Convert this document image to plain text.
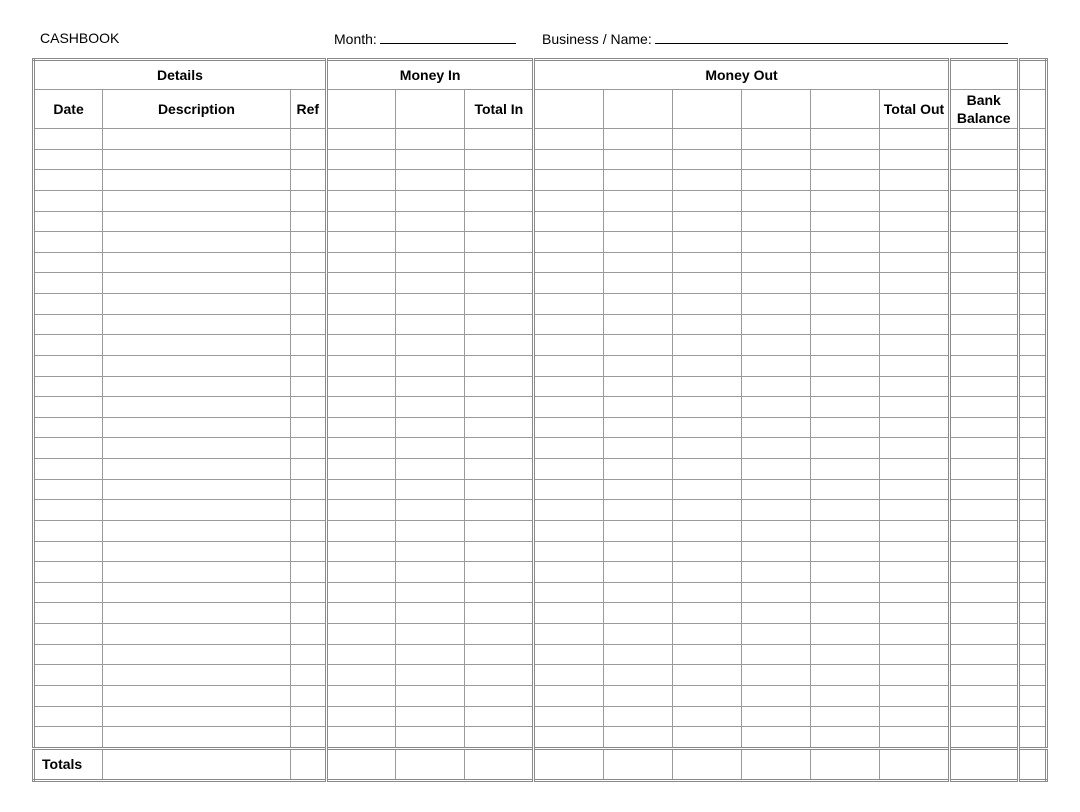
CASHBOOK	Month:	Business / Name:
Details			Money In			Money Out							
Date	Description	Ref			Total In						Total Out	Bank Balance	

Totals													
